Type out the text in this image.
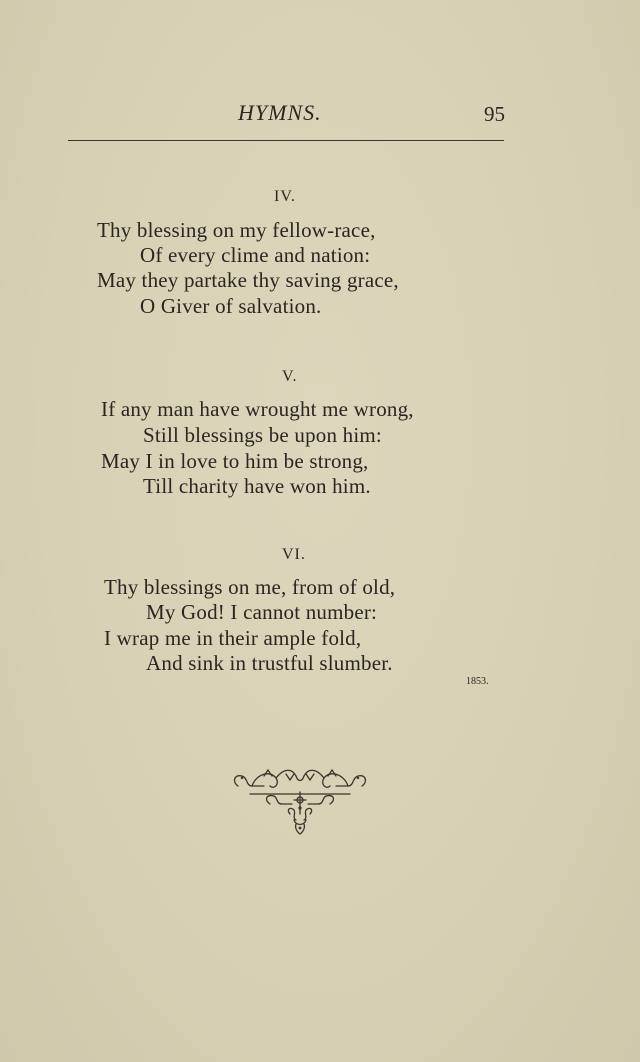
HYMNS.	95
IV.
Thy blessing on my fellow-race,
Of every clime and nation:
May they partake thy saving grace,
O Giver of salvation.
V.
If any man have wrought me wrong,
Still blessings be upon him:
May I in love to him be strong,
Till charity have won him.
VI.
Thy blessings on me, from of old,
My God! I cannot number:
I wrap me in their ample fold,
And sink in trustful slumber.
1853.
